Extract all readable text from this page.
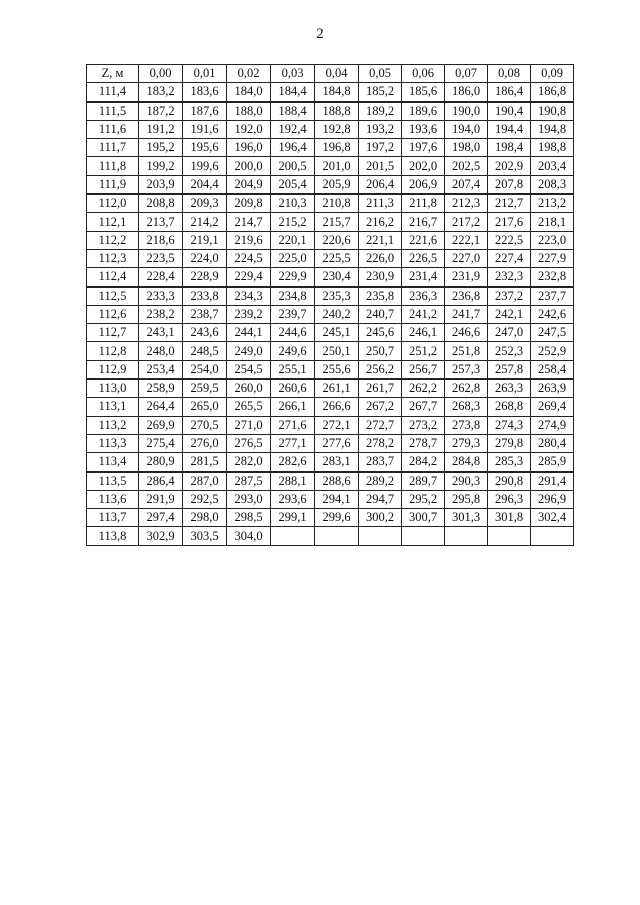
2
Z, м	0,00	0,01	0,02	0,03	0,04	0,05	0,06	0,07	0,08	0,09
111,4	183,2	183,6	184,0	184,4	184,8	185,2	185,6	186,0	186,4	186,8
111,5	187,2	187,6	188,0	188,4	188,8	189,2	189,6	190,0	190,4	190,8
111,6	191,2	191,6	192,0	192,4	192,8	193,2	193,6	194,0	194,4	194,8
111,7	195,2	195,6	196,0	196,4	196,8	197,2	197,6	198,0	198,4	198,8
111,8	199,2	199,6	200,0	200,5	201,0	201,5	202,0	202,5	202,9	203,4
111,9	203,9	204,4	204,9	205,4	205,9	206,4	206,9	207,4	207,8	208,3
112,0	208,8	209,3	209,8	210,3	210,8	211,3	211,8	212,3	212,7	213,2
112,1	213,7	214,2	214,7	215,2	215,7	216,2	216,7	217,2	217,6	218,1
112,2	218,6	219,1	219,6	220,1	220,6	221,1	221,6	222,1	222,5	223,0
112,3	223,5	224,0	224,5	225,0	225,5	226,0	226,5	227,0	227,4	227,9
112,4	228,4	228,9	229,4	229,9	230,4	230,9	231,4	231,9	232,3	232,8
112,5	233,3	233,8	234,3	234,8	235,3	235,8	236,3	236,8	237,2	237,7
112,6	238,2	238,7	239,2	239,7	240,2	240,7	241,2	241,7	242,1	242,6
112,7	243,1	243,6	244,1	244,6	245,1	245,6	246,1	246,6	247,0	247,5
112,8	248,0	248,5	249,0	249,6	250,1	250,7	251,2	251,8	252,3	252,9
112,9	253,4	254,0	254,5	255,1	255,6	256,2	256,7	257,3	257,8	258,4
113,0	258,9	259,5	260,0	260,6	261,1	261,7	262,2	262,8	263,3	263,9
113,1	264,4	265,0	265,5	266,1	266,6	267,2	267,7	268,3	268,8	269,4
113,2	269,9	270,5	271,0	271,6	272,1	272,7	273,2	273,8	274,3	274,9
113,3	275,4	276,0	276,5	277,1	277,6	278,2	278,7	279,3	279,8	280,4
113,4	280,9	281,5	282,0	282,6	283,1	283,7	284,2	284,8	285,3	285,9
113,5	286,4	287,0	287,5	288,1	288,6	289,2	289,7	290,3	290,8	291,4
113,6	291,9	292,5	293,0	293,6	294,1	294,7	295,2	295,8	296,3	296,9
113,7	297,4	298,0	298,5	299,1	299,6	300,2	300,7	301,3	301,8	302,4
113,8	302,9	303,5	304,0							
